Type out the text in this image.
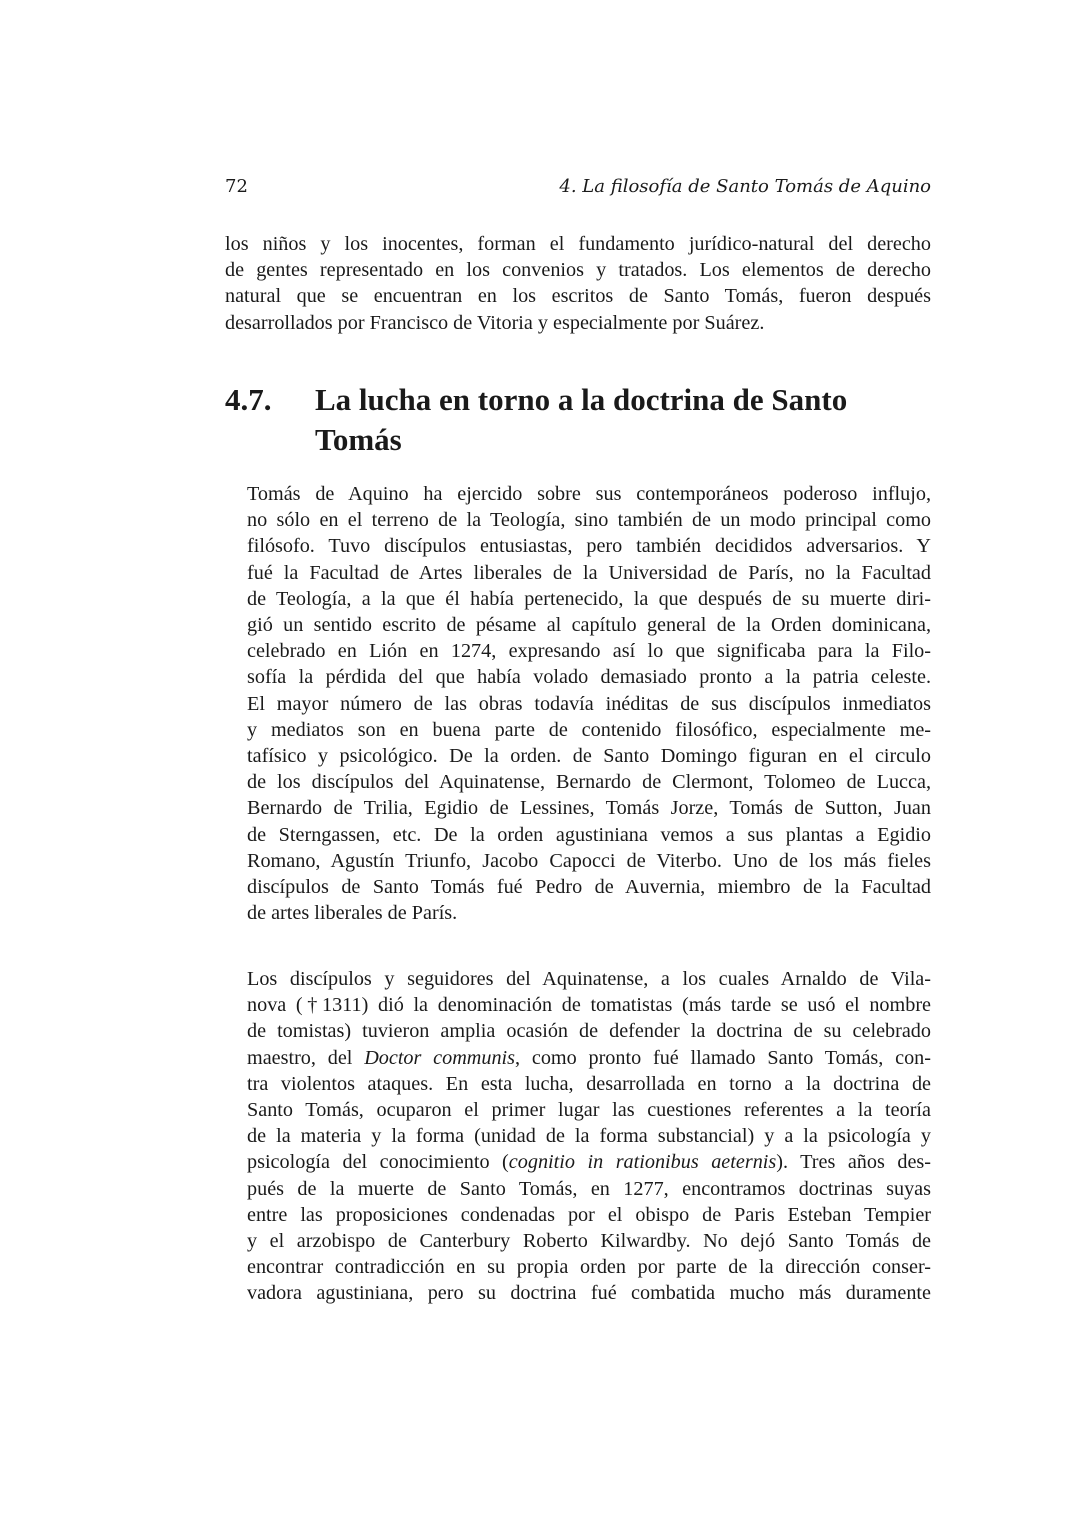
72	4. La filosofía de Santo Tomás de Aquino
los niños y los inocentes, forman el fundamento jurídico-natural del derecho
de gentes representado en los convenios y tratados. Los elementos de derecho
natural que se encuentran en los escritos de Santo Tomás, fueron después
desarrollados por Francisco de Vitoria y especialmente por Suárez.
4.7. La lucha en torno a la doctrina de Santo
Tomás
Tomás de Aquino ha ejercido sobre sus contemporáneos poderoso influjo,
no sólo en el terreno de la Teología, sino también de un modo principal como
filósofo. Tuvo discípulos entusiastas, pero también decididos adversarios. Y
fué la Facultad de Artes liberales de la Universidad de París, no la Facultad
de Teología, a la que él había pertenecido, la que después de su muerte diri-
gió un sentido escrito de pésame al capítulo general de la Orden dominicana,
celebrado en Lión en 1274, expresando así lo que significaba para la Filo-
sofía la pérdida del que había volado demasiado pronto a la patria celeste.
El mayor número de las obras todavía inéditas de sus discípulos inmediatos
y mediatos son en buena parte de contenido filosófico, especialmente me-
tafísico y psicológico. De la orden. de Santo Domingo figuran en el circulo
de los discípulos del Aquinatense, Bernardo de Clermont, Tolomeo de Lucca,
Bernardo de Trilia, Egidio de Lessines, Tomás Jorze, Tomás de Sutton, Juan
de Sterngassen, etc. De la orden agustiniana vemos a sus plantas a Egidio
Romano, Agustín Triunfo, Jacobo Capocci de Viterbo. Uno de los más fieles
discípulos de Santo Tomás fué Pedro de Auvernia, miembro de la Facultad
de artes liberales de París.
Los discípulos y seguidores del Aquinatense, a los cuales Arnaldo de Vila-
nova (†1311) dió la denominación de tomatistas (más tarde se usó el nombre
de tomistas) tuvieron amplia ocasión de defender la doctrina de su celebrado
maestro, del Doctor communis, como pronto fué llamado Santo Tomás, con-
tra violentos ataques. En esta lucha, desarrollada en torno a la doctrina de
Santo Tomás, ocuparon el primer lugar las cuestiones referentes a la teoría
de la materia y la forma (unidad de la forma substancial) y a la psicología y
psicología del conocimiento (cognitio in rationibus aeternis). Tres años des-
pués de la muerte de Santo Tomás, en 1277, encontramos doctrinas suyas
entre las proposiciones condenadas por el obispo de Paris Esteban Tempier
y el arzobispo de Canterbury Roberto Kilwardby. No dejó Santo Tomás de
encontrar contradicción en su propia orden por parte de la dirección conser-
vadora agustiniana, pero su doctrina fué combatida mucho más duramente
